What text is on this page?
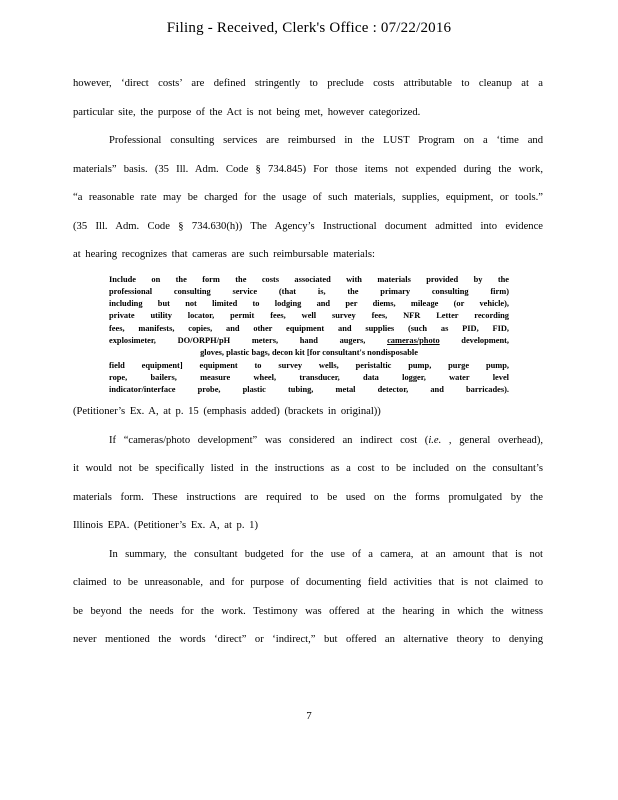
Filing - Received, Clerk's Office : 07/22/2016
however, ‘direct costs’ are defined stringently to preclude costs attributable to cleanup at a
particular site, the purpose of the Act is not being met, however categorized.
Professional consulting services are reimbursed in the LUST Program on a ‘time and
materials” basis. (35 Ill. Adm. Code § 734.845) For those items not expended during the work,
“a reasonable rate may be charged for the usage of such materials, supplies, equipment, or tools.”
(35 Ill. Adm. Code § 734.630(h)) The Agency’s Instructional document admitted into evidence
at hearing recognizes that cameras are such reimbursable materials:
Include on the form the costs associated with materials provided by the
professional consulting service (that is, the primary consulting firm)
including but not limited to lodging and per diems, mileage (or vehicle),
private utility locator, permit fees, well survey fees, NFR Letter recording
fees, manifests, copies, and other equipment and supplies (such as PID, FID,
explosimeter, DO/ORPH/pH meters, hand augers, cameras/photo development,
gloves, plastic bags, decon kit [for consultant's nondisposable
field equipment] equipment to survey wells, peristaltic pump, purge pump,
rope, bailers, measure wheel, transducer, data logger, water level
indicator/interface probe, plastic tubing, metal detector, and barricades).
(Petitioner’s Ex. A, at p. 15 (emphasis added) (brackets in original))
If “cameras/photo development” was considered an indirect cost (i.e. , general overhead),
it would not be specifically listed in the instructions as a cost to be included on the consultant’s
materials form. These instructions are required to be used on the forms promulgated by the
Illinois EPA. (Petitioner’s Ex. A, at p. 1)
In summary, the consultant budgeted for the use of a camera, at an amount that is not
claimed to be unreasonable, and for purpose of documenting field activities that is not claimed to
be beyond the needs for the work. Testimony was offered at the hearing in which the witness
never mentioned the words ‘direct” or ‘indirect,” but offered an alternative theory to denying
7
